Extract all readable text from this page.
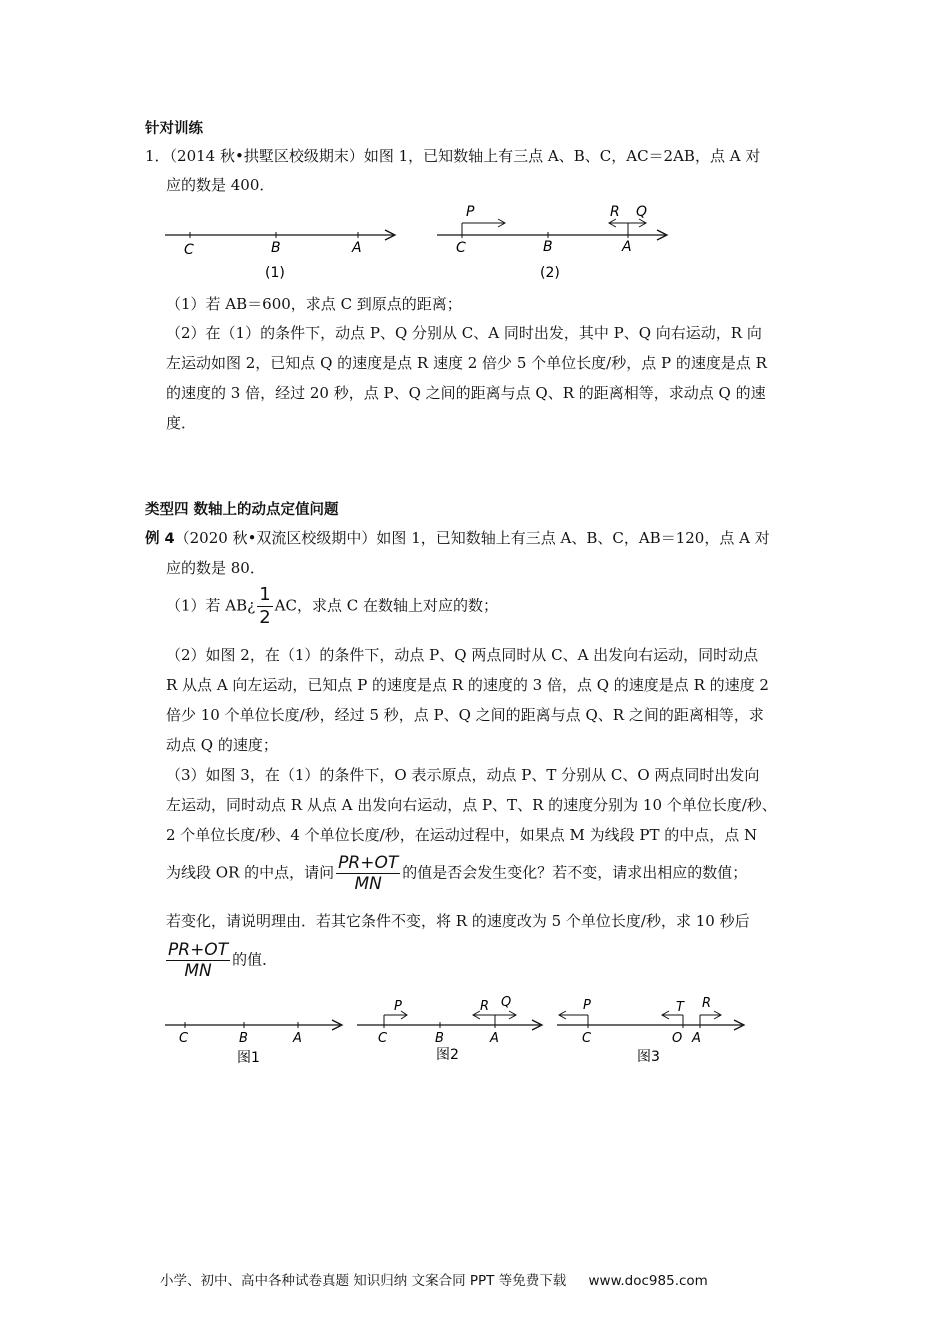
针对训练
1．（2014 秋•拱墅区校级期末）如图 1，已知数轴上有三点 A、B、C，AC＝2AB，点 A 对
应的数是 400．
C	B	A
(1)
P	R Q
C	B	A
(2)
（1）若 AB＝600，求点 C 到原点的距离；
（2）在（1）的条件下，动点 P、Q 分别从 C、A 同时出发，其中 P、Q 向右运动，R 向
左运动如图 2，已知点 Q 的速度是点 R 速度 2 倍少 5 个单位长度/秒，点 P 的速度是点 R
的速度的 3 倍，经过 20 秒，点 P、Q 之间的距离与点 Q、R 的距离相等，求动点 Q 的速
度．
类型四 数轴上的动点定值问题
例 4（2020 秋•双流区校级期中）如图 1，已知数轴上有三点 A、B、C，AB＝120，点 A 对
应的数是 80．
（1）若 AB¿ $\frac{1}{2}$ AC，求点 C 在数轴上对应的数；
（2）如图 2，在（1）的条件下，动点 P、Q 两点同时从 C、A 出发向右运动，同时动点
R 从点 A 向左运动，已知点 P 的速度是点 R 的速度的 3 倍，点 Q 的速度是点 R 的速度 2
倍少 10 个单位长度/秒，经过 5 秒，点 P、Q 之间的距离与点 Q、R 之间的距离相等，求
动点 Q 的速度；
（3）如图 3，在（1）的条件下，O 表示原点，动点 P、T 分别从 C、O 两点同时出发向
左运动，同时动点 R 从点 A 出发向右运动，点 P、T、R 的速度分别为 10 个单位长度/秒、
2 个单位长度/秒、4 个单位长度/秒，在运动过程中，如果点 M 为线段 PT 的中点，点 N
为线段 OR 的中点，请问 $\frac{PR+OT}{MN}$ 的值是否会发生变化？若不变，请求出相应的数值；
若变化，请说明理由．若其它条件不变，将 R 的速度改为 5 个单位长度/秒，求 10 秒后
$\frac{PR+OT}{MN}$ 的值．
C	B	A
图1
P	R Q
C	B	A
图2
P	T R
C	O A
图3
小学、初中、高中各种试卷真题 知识归纳 文案合同 PPT 等免费下载 www.doc985.com
